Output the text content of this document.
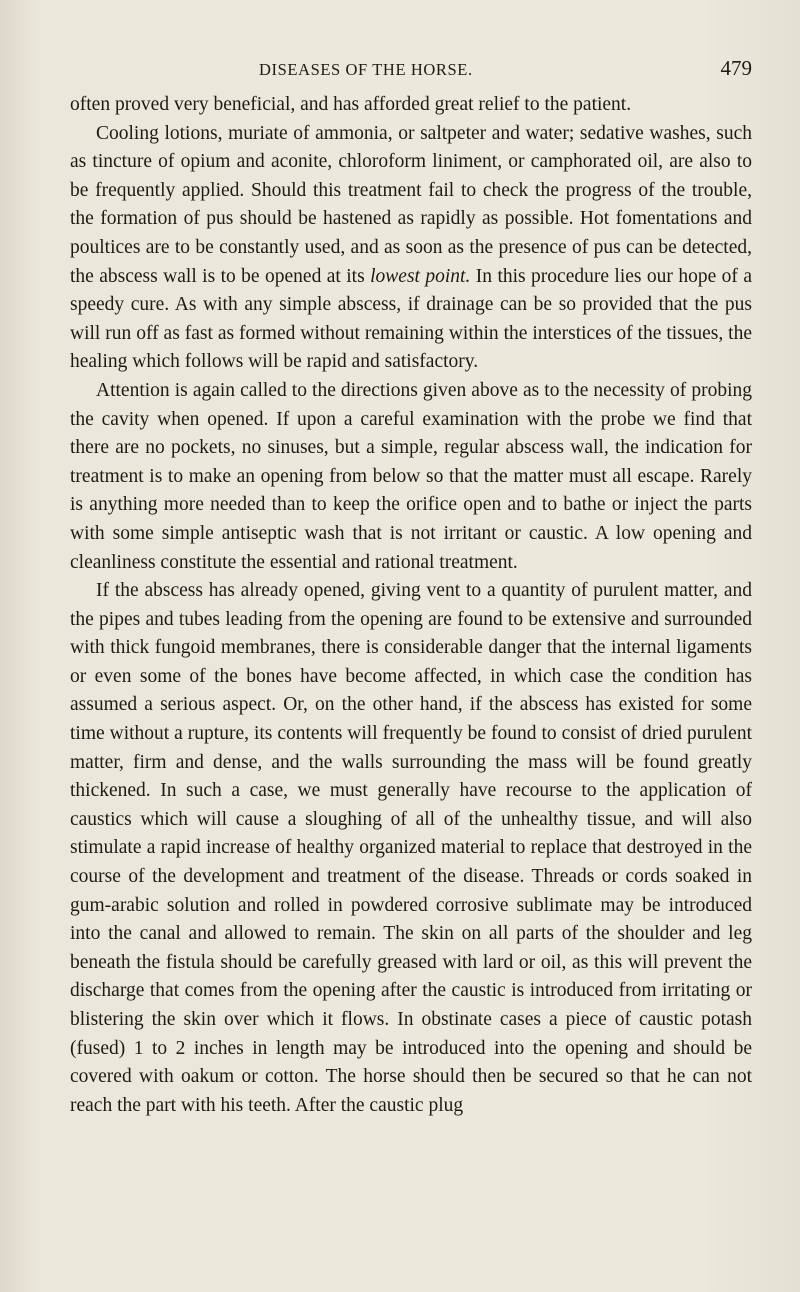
DISEASES OF THE HORSE.	479

often proved very beneficial, and has afforded great relief to the patient.

Cooling lotions, muriate of ammonia, or saltpeter and water; sedative washes, such as tincture of opium and aconite, chloroform liniment, or camphorated oil, are also to be frequently applied. Should this treatment fail to check the progress of the trouble, the formation of pus should be hastened as rapidly as possible. Hot fomentations and poultices are to be constantly used, and as soon as the presence of pus can be detected, the abscess wall is to be opened at its lowest point. In this procedure lies our hope of a speedy cure. As with any simple abscess, if drainage can be so provided that the pus will run off as fast as formed without remaining within the interstices of the tissues, the healing which follows will be rapid and satisfactory.

Attention is again called to the directions given above as to the necessity of probing the cavity when opened. If upon a careful examination with the probe we find that there are no pockets, no sinuses, but a simple, regular abscess wall, the indication for treatment is to make an opening from below so that the matter must all escape. Rarely is anything more needed than to keep the orifice open and to bathe or inject the parts with some simple antiseptic wash that is not irritant or caustic. A low opening and cleanliness constitute the essential and rational treatment.

If the abscess has already opened, giving vent to a quantity of purulent matter, and the pipes and tubes leading from the opening are found to be extensive and surrounded with thick fungoid membranes, there is considerable danger that the internal ligaments or even some of the bones have become affected, in which case the condition has assumed a serious aspect. Or, on the other hand, if the abscess has existed for some time without a rupture, its contents will frequently be found to consist of dried purulent matter, firm and dense, and the walls surrounding the mass will be found greatly thickened. In such a case, we must generally have recourse to the application of caustics which will cause a sloughing of all of the unhealthy tissue, and will also stimulate a rapid increase of healthy organized material to replace that destroyed in the course of the development and treatment of the disease. Threads or cords soaked in gum-arabic solution and rolled in powdered corrosive sublimate may be introduced into the canal and allowed to remain. The skin on all parts of the shoulder and leg beneath the fistula should be carefully greased with lard or oil, as this will prevent the discharge that comes from the opening after the caustic is introduced from irritating or blistering the skin over which it flows. In obstinate cases a piece of caustic potash (fused) 1 to 2 inches in length may be introduced into the opening and should be covered with oakum or cotton. The horse should then be secured so that he can not reach the part with his teeth. After the caustic plug
